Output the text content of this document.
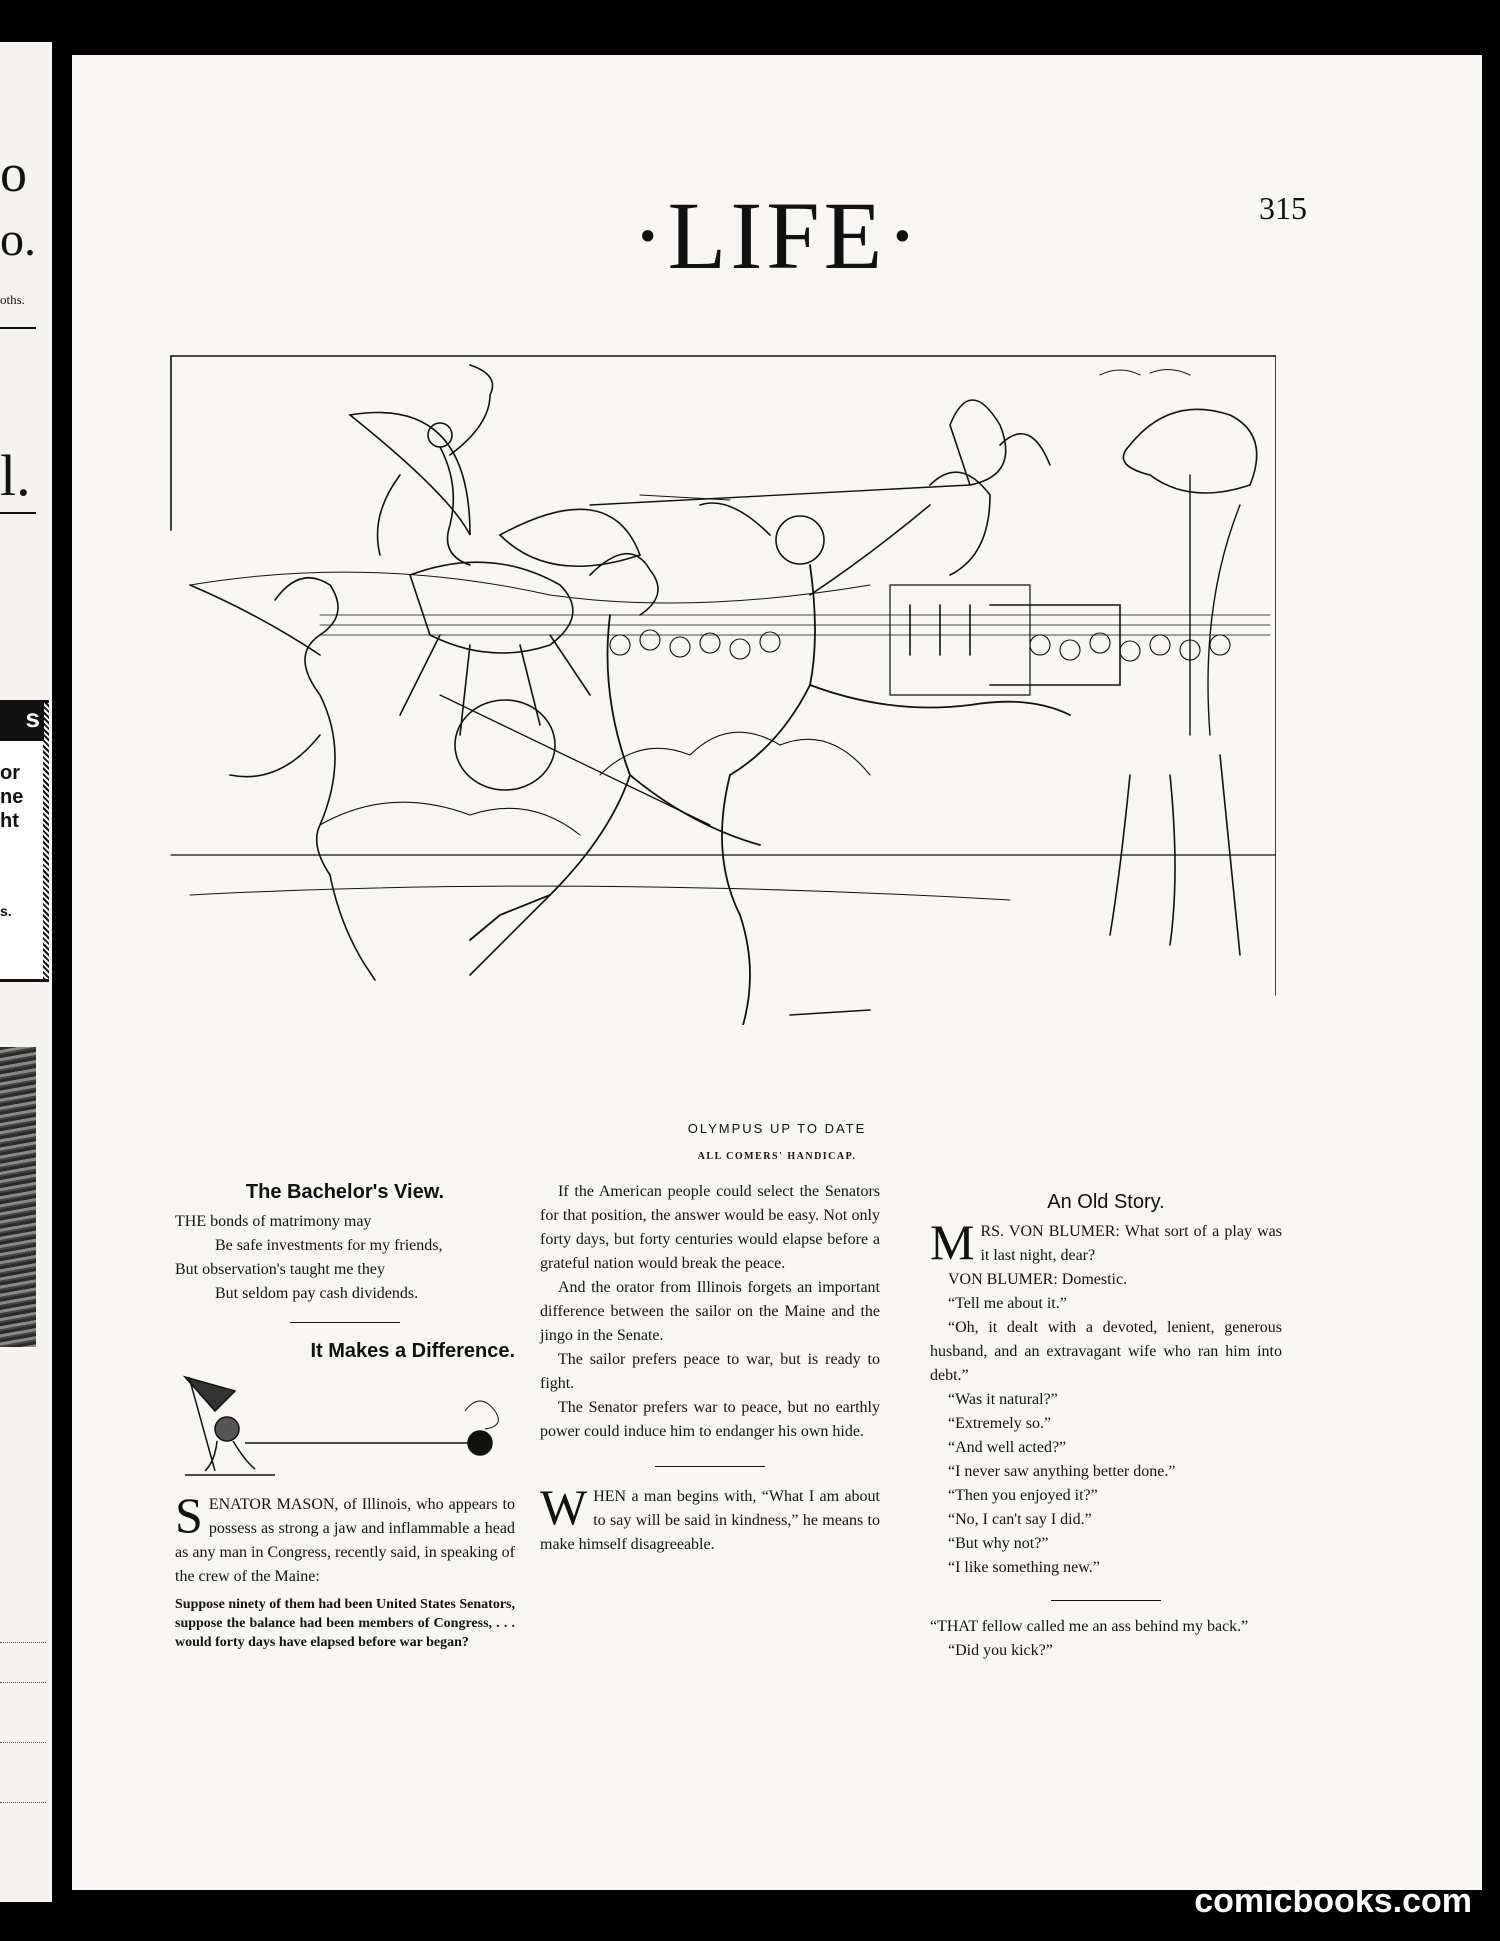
o
o.
oths.
l.
s
or
ne
ht
s.
·LIFE·	315
OLYMPUS UP TO DATE
ALL COMERS' HANDICAP.
The Bachelor's View.

THE bonds of matrimony may

Be safe investments for my friends,

But observation's taught me they

But seldom pay cash dividends.

It Makes a Difference.

SENATOR MASON, of Illinois, who appears to possess as strong a jaw and inflammable a head as any man in Congress, recently said, in speaking of the crew of the Maine:

Suppose ninety of them had been United States Senators, suppose the balance had been members of Congress, . . . would forty days have elapsed before war began?

If the American people could select the Senators for that position, the answer would be easy. Not only forty days, but forty centuries would elapse before a grateful nation would break the peace.

And the orator from Illinois forgets an important difference between the sailor on the Maine and the jingo in the Senate.

The sailor prefers peace to war, but is ready to fight.

The Senator prefers war to peace, but no earthly power could induce him to endanger his own hide.

WHEN a man begins with, “What I am about to say will be said in kindness,” he means to make himself disagreeable.

An Old Story.

MRS. VON BLUMER: What sort of a play was it last night, dear?

VON BLUMER: Domestic.

“Tell me about it.”

“Oh, it dealt with a devoted, lenient, generous husband, and an extravagant wife who ran him into debt.”

“Was it natural?”

“Extremely so.”

“And well acted?”

“I never saw anything better done.”

“Then you enjoyed it?”

“No, I can't say I did.”

“But why not?”

“I like something new.”

“THAT fellow called me an ass behind my back.”

“Did you kick?”

comicbooks.com
